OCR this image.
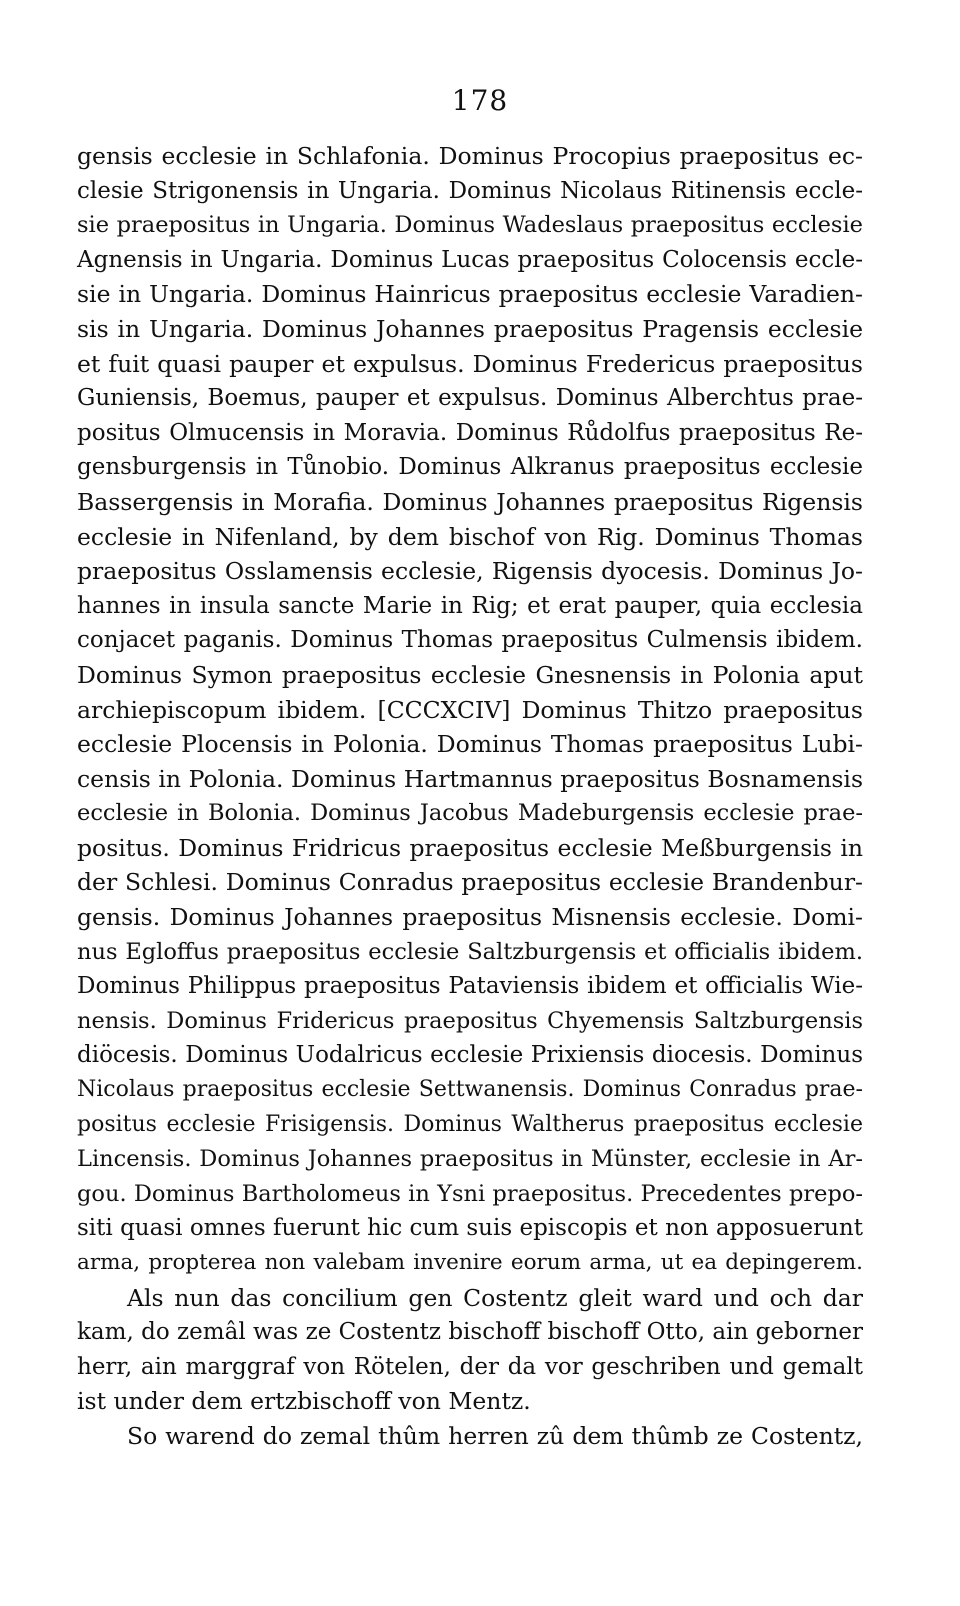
178
gensis ecclesie in Schlafonia. Dominus Procopius praepositus ec-
clesie Strigonensis in Ungaria. Dominus Nicolaus Ritinensis eccle-
sie praepositus in Ungaria. Dominus Wadeslaus praepositus ecclesie
Agnensis in Ungaria. Dominus Lucas praepositus Colocensis eccle-
sie in Ungaria. Dominus Hainricus praepositus ecclesie Varadien-
sis in Ungaria. Dominus Johannes praepositus Pragensis ecclesie
et fuit quasi pauper et expulsus. Dominus Fredericus praepositus
Guniensis, Boemus, pauper et expulsus. Dominus Alberchtus prae-
positus Olmucensis in Moravia. Dominus Růdolfus praepositus Re-
gensburgensis in Tůnobio. Dominus Alkranus praepositus ecclesie
Bassergensis in Morafia. Dominus Johannes praepositus Rigensis
ecclesie in Nifenland, by dem bischof von Rig. Dominus Thomas
praepositus Osslamensis ecclesie, Rigensis dyocesis. Dominus Jo-
hannes in insula sancte Marie in Rig; et erat pauper, quia ecclesia
conjacet paganis. Dominus Thomas praepositus Culmensis ibidem.
Dominus Symon praepositus ecclesie Gnesnensis in Polonia aput
archiepiscopum ibidem. [CCCXCIV] Dominus Thitzo praepositus
ecclesie Plocensis in Polonia. Dominus Thomas praepositus Lubi-
censis in Polonia. Dominus Hartmannus praepositus Bosnamensis
ecclesie in Bolonia. Dominus Jacobus Madeburgensis ecclesie prae-
positus. Dominus Fridricus praepositus ecclesie Meßburgensis in
der Schlesi. Dominus Conradus praepositus ecclesie Brandenbur-
gensis. Dominus Johannes praepositus Misnensis ecclesie. Domi-
nus Egloffus praepositus ecclesie Saltzburgensis et officialis ibidem.
Dominus Philippus praepositus Pataviensis ibidem et officialis Wie-
nensis. Dominus Fridericus praepositus Chyemensis Saltzburgensis
diöcesis. Dominus Uodalricus ecclesie Prixiensis diocesis. Dominus
Nicolaus praepositus ecclesie Settwanensis. Dominus Conradus prae-
positus ecclesie Frisigensis. Dominus Waltherus praepositus ecclesie
Lincensis. Dominus Johannes praepositus in Münster, ecclesie in Ar-
gou. Dominus Bartholomeus in Ysni praepositus. Precedentes prepo-
siti quasi omnes fuerunt hic cum suis episcopis et non apposuerunt
arma, propterea non valebam invenire eorum arma, ut ea depingerem.
Als nun das concilium gen Costentz gleit ward und och dar
kam, do zemâl was ze Costentz bischoff bischoff Otto, ain geborner
herr, ain marggraf von Rötelen, der da vor geschriben und gemalt
ist under dem ertzbischoff von Mentz.
So warend do zemal thûm herren zû dem thûmb ze Costentz,
